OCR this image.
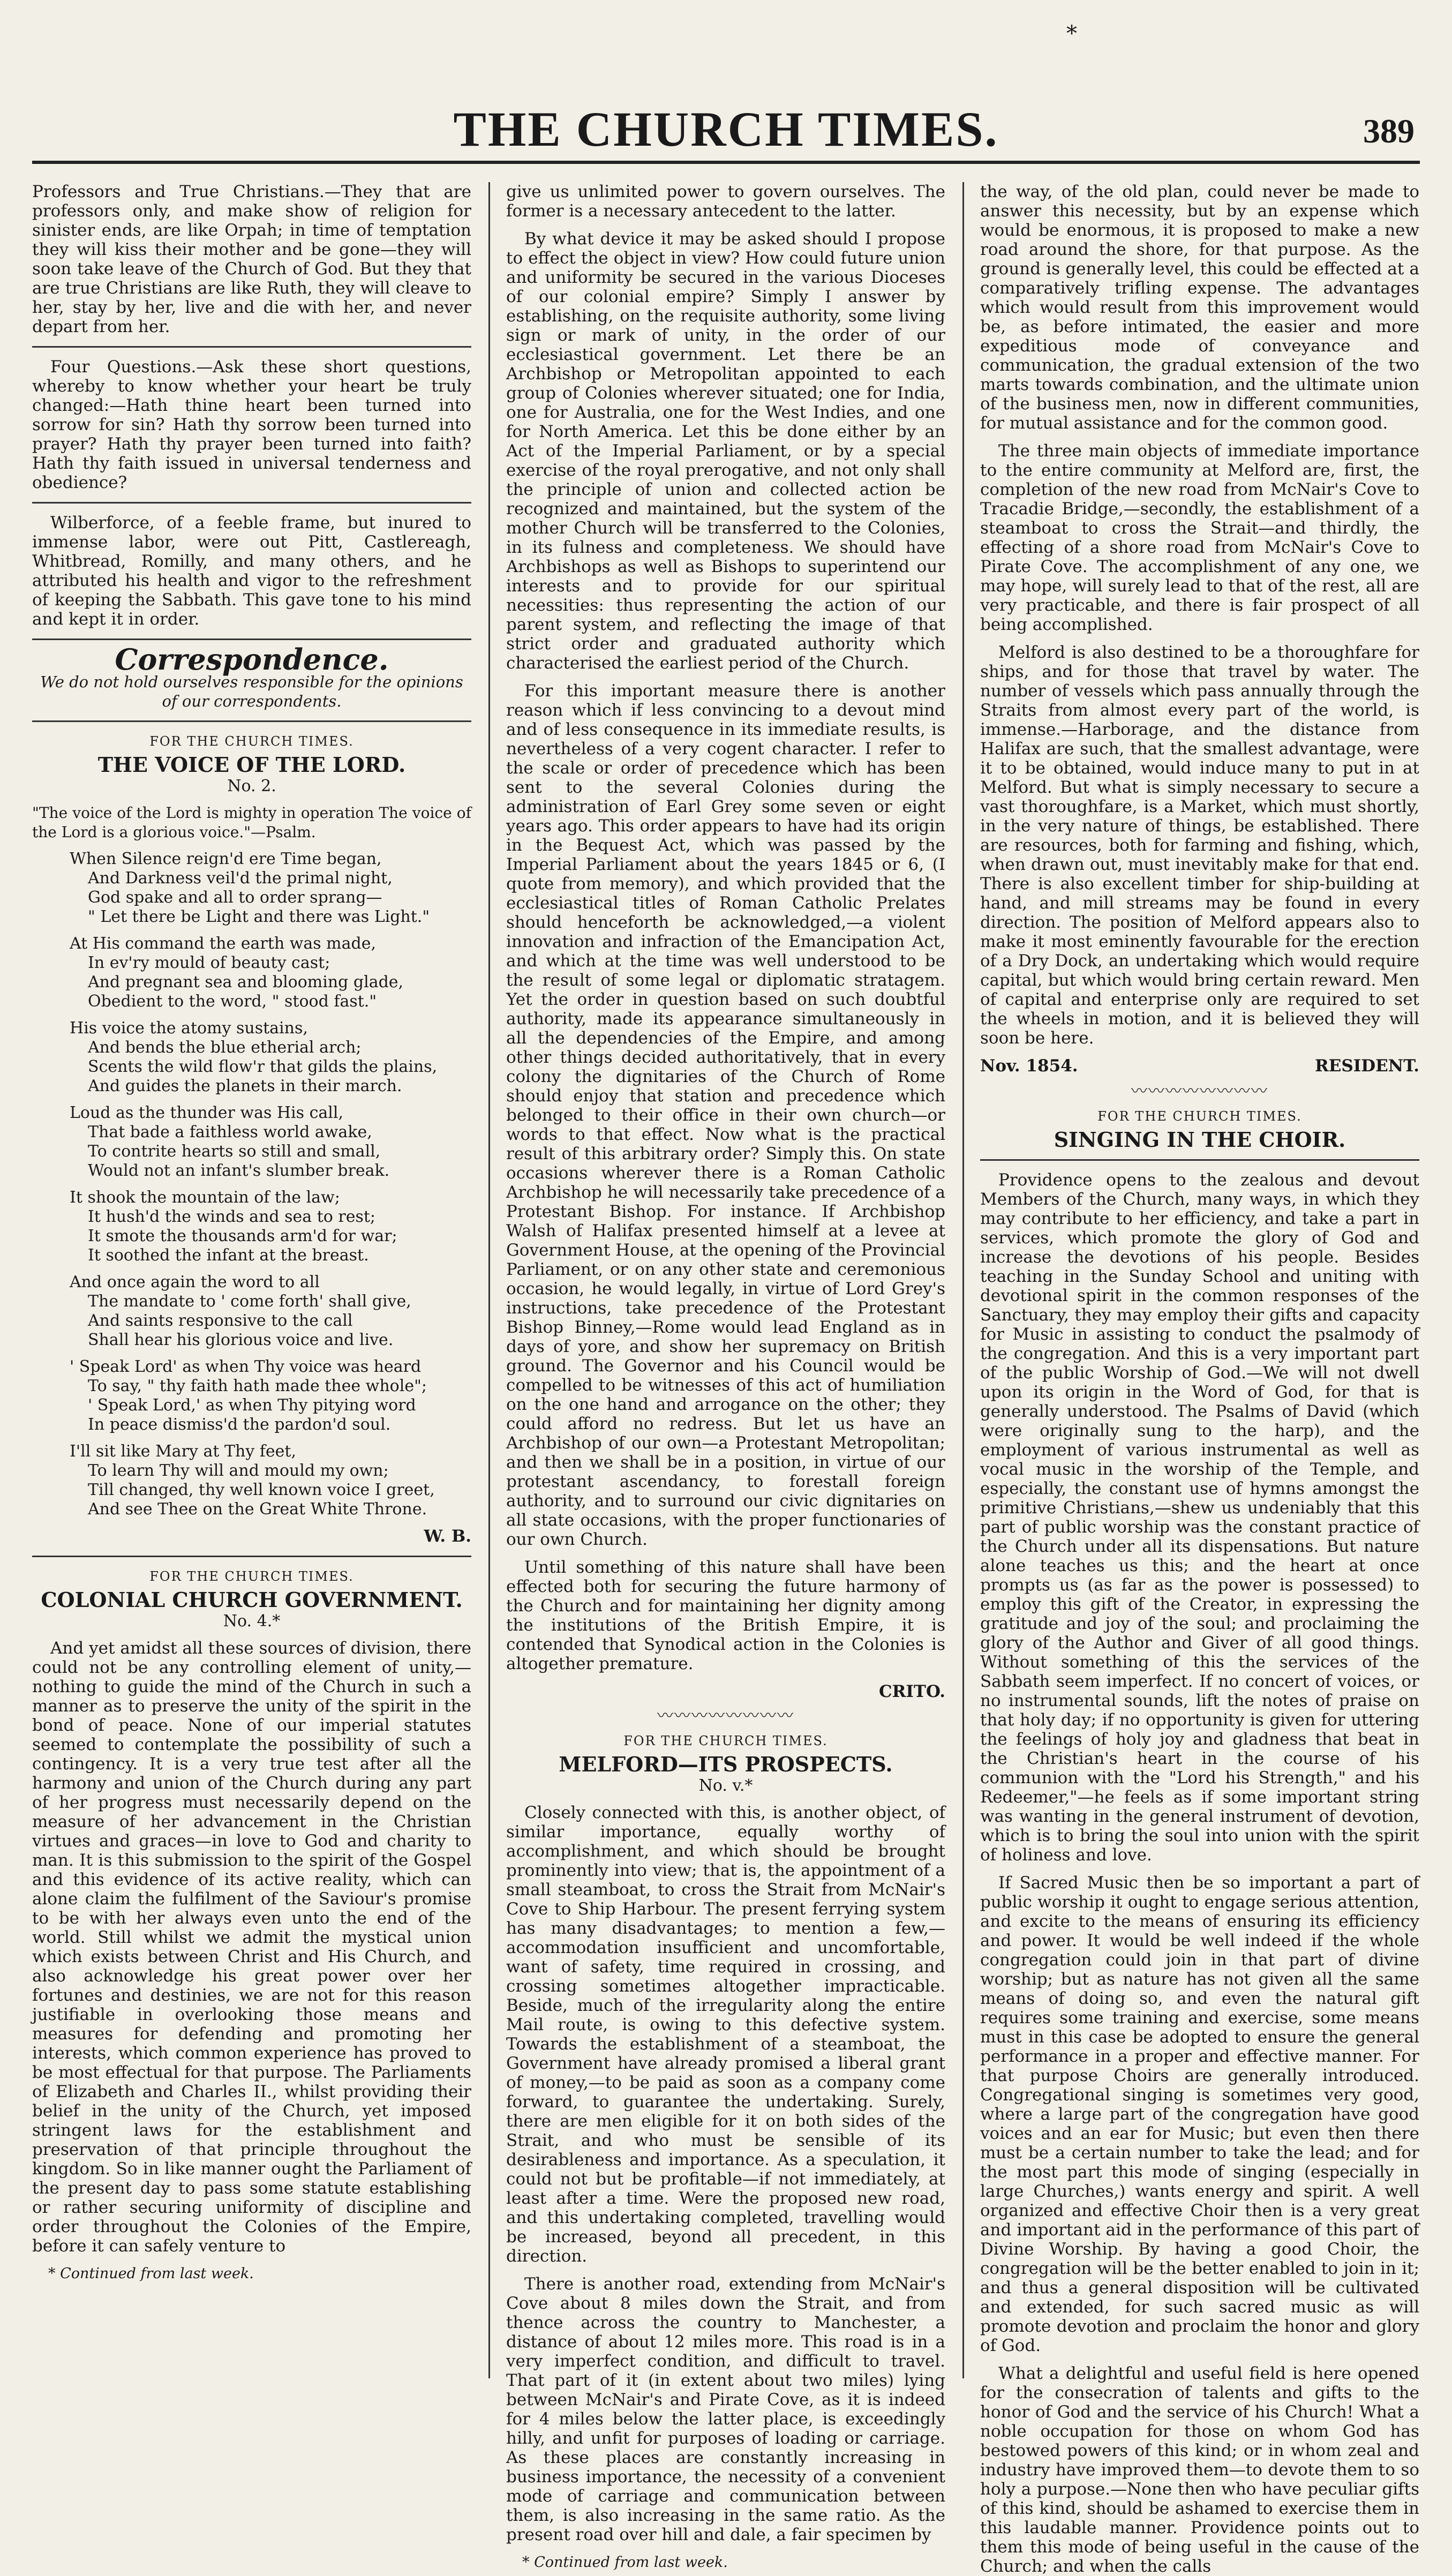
*
THE CHURCH TIMES.	389

Professors and True Christians.—They that are professors only, and make show of religion for sinister ends, are like Orpah; in time of temptation they will kiss their mother and be gone—they will soon take leave of the Church of God. But they that are true Christians are like Ruth, they will cleave to her, stay by her, live and die with her, and never depart from her.

Four Questions.—Ask these short questions, whereby to know whether your heart be truly changed:—Hath thine heart been turned into sorrow for sin? Hath thy sorrow been turned into prayer? Hath thy prayer been turned into faith? Hath thy faith issued in universal tenderness and obedience?

Wilberforce, of a feeble frame, but inured to immense labor, were out Pitt, Castlereagh, Whitbread, Romilly, and many others, and he attributed his health and vigor to the refreshment of keeping the Sabbath. This gave tone to his mind and kept it in order.

Correspondence.
We do not hold ourselves responsible for the opinions of our correspondents.
FOR THE CHURCH TIMES.
THE VOICE OF THE LORD.
No. 2.
"The voice of the Lord is mighty in operation The voice of the Lord is a glorious voice."—Psalm.
When Silence reign'd ere Time began,
And Darkness veil'd the primal night,
God spake and all to order sprang—
" Let there be Light and there was Light."
At His command the earth was made,
In ev'ry mould of beauty cast;
And pregnant sea and blooming glade,
Obedient to the word, " stood fast."
His voice the atomy sustains,
And bends the blue etherial arch;
Scents the wild flow'r that gilds the plains,
And guides the planets in their march.
Loud as the thunder was His call,
That bade a faithless world awake,
To contrite hearts so still and small,
Would not an infant's slumber break.
It shook the mountain of the law;
It hush'd the winds and sea to rest;
It smote the thousands arm'd for war;
It soothed the infant at the breast.
And once again the word to all
The mandate to ' come forth' shall give,
And saints responsive to the call
Shall hear his glorious voice and live.
' Speak Lord' as when Thy voice was heard
To say, " thy faith hath made thee whole";
' Speak Lord,' as when Thy pitying word
In peace dismiss'd the pardon'd soul.
I'll sit like Mary at Thy feet,
To learn Thy will and mould my own;
Till changed, thy well known voice I greet,
And see Thee on the Great White Throne.
W. B.
FOR THE CHURCH TIMES.
COLONIAL CHURCH GOVERNMENT.
No. 4.*

And yet amidst all these sources of division, there could not be any controlling element of unity,—nothing to guide the mind of the Church in such a manner as to preserve the unity of the spirit in the bond of peace. None of our imperial statutes seemed to contemplate the possibility of such a contingency. It is a very true test after all the harmony and union of the Church during any part of her progress must necessarily depend on the measure of her advancement in the Christian virtues and graces—in love to God and charity to man. It is this submission to the spirit of the Gospel and this evidence of its active reality, which can alone claim the fulfilment of the Saviour's promise to be with her always even unto the end of the world. Still whilst we admit the mystical union which exists between Christ and His Church, and also acknowledge his great power over her fortunes and destinies, we are not for this reason justifiable in overlooking those means and measures for defending and promoting her interests, which common experience has proved to be most effectual for that purpose. The Parliaments of Elizabeth and Charles II., whilst providing their belief in the unity of the Church, yet imposed stringent laws for the establishment and preservation of that principle throughout the kingdom. So in like manner ought the Parliament of the present day to pass some statute establishing or rather securing uniformity of discipline and order throughout the Colonies of the Empire, before it can safely venture to

* Continued from last week.

give us unlimited power to govern ourselves. The former is a necessary antecedent to the latter.

By what device it may be asked should I propose to effect the object in view? How could future union and uniformity be secured in the various Dioceses of our colonial empire? Simply I answer by establishing, on the requisite authority, some living sign or mark of unity, in the order of our ecclesiastical government. Let there be an Archbishop or Metropolitan appointed to each group of Colonies wherever situated; one for India, one for Australia, one for the West Indies, and one for North America. Let this be done either by an Act of the Imperial Parliament, or by a special exercise of the royal prerogative, and not only shall the principle of union and collected action be recognized and maintained, but the system of the mother Church will be transferred to the Colonies, in its fulness and completeness. We should have Archbishops as well as Bishops to superintend our interests and to provide for our spiritual necessities: thus representing the action of our parent system, and reflecting the image of that strict order and graduated authority which characterised the earliest period of the Church.

For this important measure there is another reason which if less convincing to a devout mind and of less consequence in its immediate results, is nevertheless of a very cogent character. I refer to the scale or order of precedence which has been sent to the several Colonies during the administration of Earl Grey some seven or eight years ago. This order appears to have had its origin in the Bequest Act, which was passed by the Imperial Parliament about the years 1845 or 6, (I quote from memory), and which provided that the ecclesiastical titles of Roman Catholic Prelates should henceforth be acknowledged,—a violent innovation and infraction of the Emancipation Act, and which at the time was well understood to be the result of some legal or diplomatic stratagem. Yet the order in question based on such doubtful authority, made its appearance simultaneously in all the dependencies of the Empire, and among other things decided authoritatively, that in every colony the dignitaries of the Church of Rome should enjoy that station and precedence which belonged to their office in their own church—or words to that effect. Now what is the practical result of this arbitrary order? Simply this. On state occasions wherever there is a Roman Catholic Archbishop he will necessarily take precedence of a Protestant Bishop. For instance. If Archbishop Walsh of Halifax presented himself at a levee at Government House, at the opening of the Provincial Parliament, or on any other state and ceremonious occasion, he would legally, in virtue of Lord Grey's instructions, take precedence of the Protestant Bishop Binney,—Rome would lead England as in days of yore, and show her supremacy on British ground. The Governor and his Council would be compelled to be witnesses of this act of humiliation on the one hand and arrogance on the other; they could afford no redress. But let us have an Archbishop of our own—a Protestant Metropolitan; and then we shall be in a position, in virtue of our protestant ascendancy, to forestall foreign authority, and to surround our civic dignitaries on all state occasions, with the proper functionaries of our own Church.

Until something of this nature shall have been effected both for securing the future harmony of the Church and for maintaining her dignity among the institutions of the British Empire, it is contended that Synodical action in the Colonies is altogether premature.

CRITO.
〰〰〰〰〰〰〰〰
FOR THE CHURCH TIMES.
MELFORD—ITS PROSPECTS.
No. v.*

Closely connected with this, is another object, of similar importance, equally worthy of accomplishment, and which should be brought prominently into view; that is, the appointment of a small steamboat, to cross the Strait from McNair's Cove to Ship Harbour. The present ferrying system has many disadvantages; to mention a few,—accommodation insufficient and uncomfortable, want of safety, time required in crossing, and crossing sometimes altogether impracticable. Beside, much of the irregularity along the entire Mail route, is owing to this defective system. Towards the establishment of a steamboat, the Government have already promised a liberal grant of money,—to be paid as soon as a company come forward, to guarantee the undertaking. Surely, there are men eligible for it on both sides of the Strait, and who must be sensible of its desirableness and importance. As a speculation, it could not but be profitable—if not immediately, at least after a time. Were the proposed new road, and this undertaking completed, travelling would be increased, beyond all precedent, in this direction.

There is another road, extending from McNair's Cove about 8 miles down the Strait, and from thence across the country to Manchester, a distance of about 12 miles more. This road is in a very imperfect condition, and difficult to travel. That part of it (in extent about two miles) lying between McNair's and Pirate Cove, as it is indeed for 4 miles below the latter place, is exceedingly hilly, and unfit for purposes of loading or carriage. As these places are constantly increasing in business importance, the necessity of a convenient mode of carriage and communication between them, is also increasing in the same ratio. As the present road over hill and dale, a fair specimen by

* Continued from last week.

the way, of the old plan, could never be made to answer this necessity, but by an expense which would be enormous, it is proposed to make a new road around the shore, for that purpose. As the ground is generally level, this could be effected at a comparatively trifling expense. The advantages which would result from this improvement would be, as before intimated, the easier and more expeditious mode of conveyance and communication, the gradual extension of the two marts towards combination, and the ultimate union of the business men, now in different communities, for mutual assistance and for the common good.

The three main objects of immediate importance to the entire community at Melford are, first, the completion of the new road from McNair's Cove to Tracadie Bridge,—secondly, the establishment of a steamboat to cross the Strait—and thirdly, the effecting of a shore road from McNair's Cove to Pirate Cove. The accomplishment of any one, we may hope, will surely lead to that of the rest, all are very practicable, and there is fair prospect of all being accomplished.

Melford is also destined to be a thoroughfare for ships, and for those that travel by water. The number of vessels which pass annually through the Straits from almost every part of the world, is immense.—Harborage, and the distance from Halifax are such, that the smallest advantage, were it to be obtained, would induce many to put in at Melford. But what is simply necessary to secure a vast thoroughfare, is a Market, which must shortly, in the very nature of things, be established. There are resources, both for farming and fishing, which, when drawn out, must inevitably make for that end. There is also excellent timber for ship-building at hand, and mill streams may be found in every direction. The position of Melford appears also to make it most eminently favourable for the erection of a Dry Dock, an undertaking which would require capital, but which would bring certain reward. Men of capital and enterprise only are required to set the wheels in motion, and it is believed they will soon be here.

Nov. 1854.	RESIDENT.
〰〰〰〰〰〰〰〰
FOR THE CHURCH TIMES.
SINGING IN THE CHOIR.

Providence opens to the zealous and devout Members of the Church, many ways, in which they may contribute to her efficiency, and take a part in services, which promote the glory of God and increase the devotions of his people. Besides teaching in the Sunday School and uniting with devotional spirit in the common responses of the Sanctuary, they may employ their gifts and capacity for Music in assisting to conduct the psalmody of the congregation. And this is a very important part of the public Worship of God.—We will not dwell upon its origin in the Word of God, for that is generally understood. The Psalms of David (which were originally sung to the harp), and the employment of various instrumental as well as vocal music in the worship of the Temple, and especially, the constant use of hymns amongst the primitive Christians,—shew us undeniably that this part of public worship was the constant practice of the Church under all its dispensations. But nature alone teaches us this; and the heart at once prompts us (as far as the power is possessed) to employ this gift of the Creator, in expressing the gratitude and joy of the soul; and proclaiming the glory of the Author and Giver of all good things. Without something of this the services of the Sabbath seem imperfect. If no concert of voices, or no instrumental sounds, lift the notes of praise on that holy day; if no opportunity is given for uttering the feelings of holy joy and gladness that beat in the Christian's heart in the course of his communion with the "Lord his Strength," and his Redeemer,"—he feels as if some important string was wanting in the general instrument of devotion, which is to bring the soul into union with the spirit of holiness and love.

If Sacred Music then be so important a part of public worship it ought to engage serious attention, and excite to the means of ensuring its efficiency and power. It would be well indeed if the whole congregation could join in that part of divine worship; but as nature has not given all the same means of doing so, and even the natural gift requires some training and exercise, some means must in this case be adopted to ensure the general performance in a proper and effective manner. For that purpose Choirs are generally introduced. Congregational singing is sometimes very good, where a large part of the congregation have good voices and an ear for Music; but even then there must be a certain number to take the lead; and for the most part this mode of singing (especially in large Churches,) wants energy and spirit. A well organized and effective Choir then is a very great and important aid in the performance of this part of Divine Worship. By having a good Choir, the congregation will be the better enabled to join in it; and thus a general disposition will be cultivated and extended, for such sacred music as will promote devotion and proclaim the honor and glory of God.

What a delightful and useful field is here opened for the consecration of talents and gifts to the honor of God and the service of his Church! What a noble occupation for those on whom God has bestowed powers of this kind; or in whom zeal and industry have improved them—to devote them to so holy a purpose.—None then who have peculiar gifts of this kind, should be ashamed to exercise them in this laudable manner. Providence points out to them this mode of being useful in the cause of the Church; and when the calls
